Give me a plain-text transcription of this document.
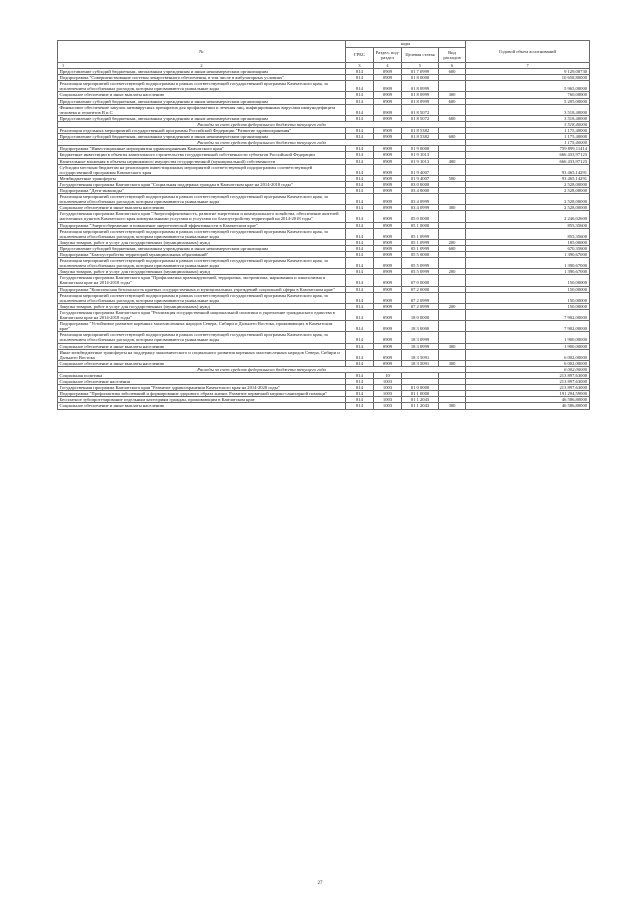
№	коды				Годовой объем ассигнований
	ГРБС	Раздел, под-раздел	Целевая статья	Вид расходов	

1 2	3	4	5	6	7
Предоставление субсидий бюджетным, автономным учреждениям и иным некоммерческим организациям	814	0909	01 7 0999	600	9 129,08730
Подпрограмма "Совершенствование системы лекарственного обеспечения, в том числе в амбулаторных условиях"	814	0909	01 8 0000		10 658,80000
Реализация мероприятий соответствующей подпрограммы в рамках соответствующей государственной программы Камчатского края, за исключением обособленных расходов, которым присваиваются уникальные коды	814	0909	01 8 0999		5 965,00000
Социальное обеспечение и иные выплаты населению	814	0909	01 8 0999	300	760,00000
Предоставление субсидий бюджетным, автономным учреждениям и иным некоммерческим организациям	814	0909	01 8 0999	600	5 205,00000
Финансовое обеспечение закупок антивирусных препаратов для профилактики и лечения лиц, инфицированных вирусами иммунодефицита человека и гепатитов B и C	814	0909	01 8 5072		3 518,40000
Предоставление субсидий бюджетным, автономным учреждениям и иным некоммерческим организациям	814	0909	01 8 5072	600	3 518,40000
Расходы за счет средств федерального бюджета текущего года					3 518,40000
Реализация отдельных мероприятий государственной программы Российской Федерации "Развитие здравоохранения"	814	0909	01 8 5382		1 175,40000
Предоставление субсидий бюджетным, автономным учреждениям и иным некоммерческим организациям	814	0909	01 8 5382	600	1 175,40000
Расходы за счет средств федерального бюджета текущего года					1 175,40000
Подпрограмма "Инвестиционные мероприятия здравоохранения Камчатского края"	814	0909	01 9 0000		759 899,11414
Бюджетные инвестиции в объекты капитального строительства государственной собственности субъектов Российской Федерации	814	0909	01 9 1013		666 433,97123
Капитальные вложения в объекты недвижимого имущества государственной (муниципальной) собственности	814	0909	01 9 1013	400	666 433,97123
Субсидии местным бюджетам на реализацию инвестиционных мероприятий соответствующей подпрограммы соответствующей государственной программы Камчатского края	814	0909	01 9 4007		93 465,14291
Межбюджетные трансферты	814	0909	01 9 4007	500	93 465,14291
Государственная программа Камчатского края "Социальная поддержка граждан в Камчатском крае на 2014-2018 годы"	814	0909	03 0 0000		2 528,00000
Подпрограмма "Дети-инвалиды"	814	0909	03 4 0000		2 528,00000
Реализация мероприятий соответствующей подпрограммы в рамках соответствующей государственной программы Камчатского края, за исключением обособленных расходов, которым присваиваются уникальные коды	814	0909	03 4 0999		2 528,00000
Социальное обеспечение и иные выплаты населению	814	0909	03 4 0999	300	2 528,00000
Государственная программа Камчатского края "Энергоэффективность, развитие энергетики и коммунального хозяйства, обеспечение жителей населенных пунктов Камчатского края коммунальными услугами и услугами по благоустройству территорий на 2014-2018 годы"	814	0909	05 0 0000		2 246,02600
Подпрограмма "Энергосбережение и повышение энергетической эффективности в Камчатском крае"	814	0909	05 1 0000		855,35600
Реализация мероприятий соответствующей подпрограммы в рамках соответствующей государственной программы Камчатского края, за исключением обособленных расходов, которым присваиваются уникальные коды	814	0909	05 1 0999		855,35600
Закупка товаров, работ и услуг для государственных (муниципальных) нужд	814	0909	05 1 0999	200	185,00000
Предоставление субсидий бюджетным, автономным учреждениям и иным некоммерческим организациям	814	0909	05 1 0999	600	670,35600
Подпрограмма "Благоустройство территорий муниципальных образований"	814	0909	05 5 0000		1 390,67000
Реализация мероприятий соответствующей подпрограммы в рамках соответствующей государственной программы Камчатского края, за исключением обособленных расходов, которым присваиваются уникальные коды	814	0909	05 5 0999		1 390,67000
Закупка товаров, работ и услуг для государственных (муниципальных) нужд	814	0909	05 5 0999	200	1 390,67000
Государственная программа Камчатского края "Профилактика правонарушений, терроризма, экстремизма, наркомании и алкоголизма в Камчатском крае на 2014-2018 годы"	814	0909	07 0 0000		150,00000
Подпрограмма "Комплексная безопасность краевых государственных и муниципальных учреждений социальной сферы в Камчатском крае"	814	0909	07 2 0000		150,00000
Реализация мероприятий соответствующей подпрограммы в рамках соответствующей государственной программы Камчатского края, за исключением обособленных расходов, которым присваиваются уникальные коды	814	0909	07 2 0999		150,00000
Закупка товаров, работ и услуг для государственных (муниципальных) нужд	814	0909	07 2 0999	200	150,00000
Государственная программа Камчатского края "Реализация государственной национальной политики и укрепление гражданского единства в Камчатском крае на 2014-2018 годы"	814	0909	18 0 0000		7 902,00000
Подпрограмма "Устойчивое развитие коренных малочисленных народов Севера, Сибири и Дальнего Востока, проживающих в Камчатском крае"	814	0909	18 3 0000		7 902,00000
Реализация мероприятий соответствующей подпрограммы в рамках соответствующей государственной программы Камчатского края, за исключением обособленных расходов, которым присваиваются уникальные коды	814	0909	18 3 0999		1 900,00000
Социальное обеспечение и иные выплаты населению	814	0909	18 3 0999	300	1 900,00000
Иные межбюджетные трансферты на поддержку экономического и социального развития коренных малочисленных народов Севера, Сибири и Дальнего Востока	814	0909	18 3 5091		6 002,00000
Социальное обеспечение и иные выплаты населению	814	0909	18 3 5091	300	6 002,00000
Расходы за счет средств федерального бюджета текущего года					6 002,00000
Социальная политика	814	10			213 897,63000
Социальное обеспечение населения	814	1003			213 897,63000
Государственная программа Камчатского края "Развитие здравоохранения Камчатского края на 2014-2020 годы"	814	1003	01 0 0000		213 897,63000
Подпрограмма "Профилактика заболеваний и формирование здорового образа жизни. Развитие первичной медико-санитарной помощи"	814	1003	01 1 0000		191 294,59000
Бесплатное зубопротезирование отдельным категориям граждан, проживающим в Камчатском крае	814	1003	01 1 2043		46 586,80000
Социальное обеспечение и иные выплаты населению	814	1003	01 1 2043	300	46 586,80000
27
